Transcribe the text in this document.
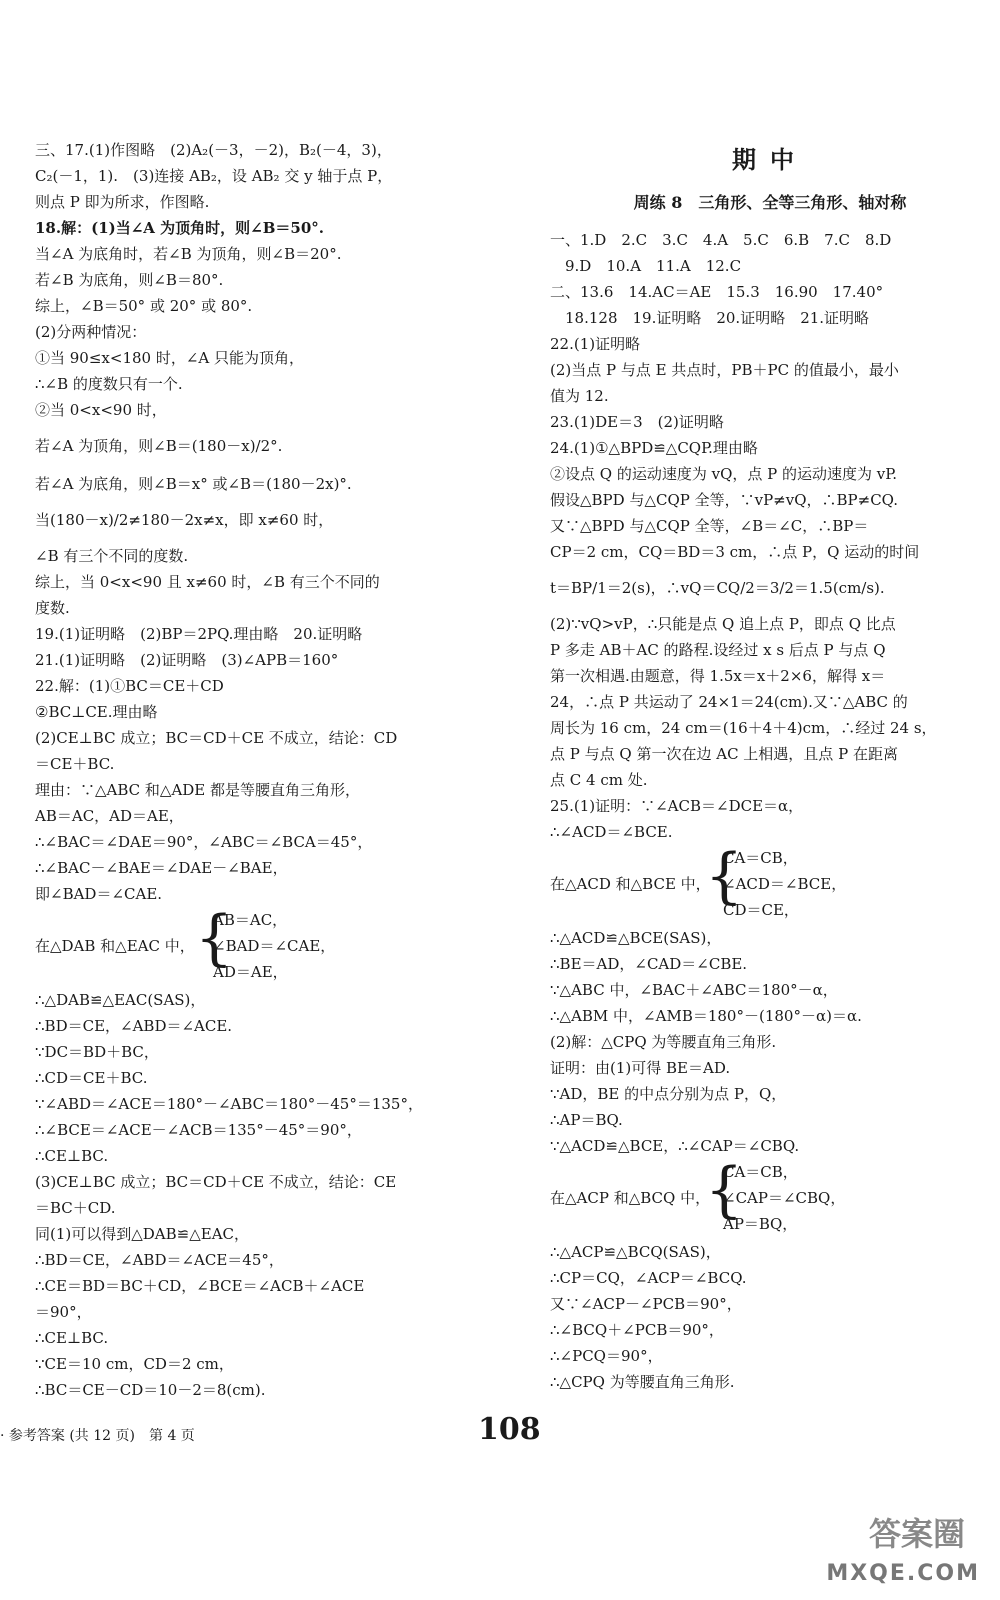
三、17.(1)作图略　(2)A₂(－3，－2)，B₂(－4，3)，
C₂(－1，1).　(3)连接 AB₂，设 AB₂ 交 y 轴于点 P，
则点 P 即为所求，作图略.
18.解：(1)当∠A 为顶角时，则∠B＝50°.
当∠A 为底角时，若∠B 为顶角，则∠B＝20°.
若∠B 为底角，则∠B＝80°.
综上，∠B＝50° 或 20° 或 80°.
(2)分两种情况：
①当 90≤x<180 时，∠A 只能为顶角，
∴∠B 的度数只有一个.
②当 0<x<90 时，
若∠A 为顶角，则∠B＝(180－x)/2°.
若∠A 为底角，则∠B＝x° 或∠B＝(180－2x)°.
当(180－x)/2≠180－2x≠x，即 x≠60 时，
∠B 有三个不同的度数.
综上，当 0<x<90 且 x≠60 时，∠B 有三个不同的
度数.
19.(1)证明略　(2)BP＝2PQ.理由略　20.证明略
21.(1)证明略　(2)证明略　(3)∠APB＝160°
22.解：(1)①BC＝CE＋CD
②BC⊥CE.理由略
(2)CE⊥BC 成立；BC＝CD＋CE 不成立，结论：CD
＝CE＋BC.
理由：∵△ABC 和△ADE 都是等腰直角三角形，
AB＝AC，AD＝AE，
∴∠BAC＝∠DAE＝90°，∠ABC＝∠BCA＝45°，
∴∠BAC－∠BAE＝∠DAE－∠BAE，
即∠BAD＝∠CAE.
在△DAB 和△EAC 中，
∴△DAB≌△EAC(SAS)，
∴BD＝CE，∠ABD＝∠ACE.
∵DC＝BD＋BC，
∴CD＝CE＋BC.
∵∠ABD＝∠ACE＝180°－∠ABC＝180°－45°＝135°，
∴∠BCE＝∠ACE－∠ACB＝135°－45°＝90°，
∴CE⊥BC.
(3)CE⊥BC 成立；BC＝CD＋CE 不成立，结论：CE
＝BC＋CD.
同(1)可以得到△DAB≌△EAC，
∴BD＝CE，∠ABD＝∠ACE＝45°，
∴CE＝BD＝BC＋CD，∠BCE＝∠ACB＋∠ACE
＝90°，
∴CE⊥BC.
∵CE＝10 cm，CD＝2 cm，
∴BC＝CE－CD＝10－2＝8(cm).
{
AB＝AC，
∠BAD＝∠CAE，
AD＝AE，
期中
周练 8　三角形、全等三角形、轴对称
一、1.D　2.C　3.C　4.A　5.C　6.B　7.C　8.D
　9.D　10.A　11.A　12.C
二、13.6　14.AC＝AE　15.3　16.90　17.40°
　18.128　19.证明略　20.证明略　21.证明略
22.(1)证明略
(2)当点 P 与点 E 共点时，PB＋PC 的值最小，最小
值为 12.
23.(1)DE＝3　(2)证明略
24.(1)①△BPD≌△CQP.理由略
②设点 Q 的运动速度为 vQ，点 P 的运动速度为 vP.
假设△BPD 与△CQP 全等，∵vP≠vQ，∴BP≠CQ.
又∵△BPD 与△CQP 全等，∠B＝∠C，∴BP＝
CP＝2 cm，CQ＝BD＝3 cm，∴点 P，Q 运动的时间
t＝BP/1＝2(s)，∴vQ＝CQ/2＝3/2＝1.5(cm/s).
(2)∵vQ>vP，∴只能是点 Q 追上点 P，即点 Q 比点
P 多走 AB＋AC 的路程.设经过 x s 后点 P 与点 Q
第一次相遇.由题意，得 1.5x＝x＋2×6，解得 x＝
24，∴点 P 共运动了 24×1＝24(cm).又∵△ABC 的
周长为 16 cm，24 cm＝(16＋4＋4)cm，∴经过 24 s，
点 P 与点 Q 第一次在边 AC 上相遇，且点 P 在距离
点 C 4 cm 处.
25.(1)证明：∵∠ACB＝∠DCE＝α，
∴∠ACD＝∠BCE.
在△ACD 和△BCE 中，
∴△ACD≌△BCE(SAS)，
∴BE＝AD，∠CAD＝∠CBE.
∵△ABC 中，∠BAC＋∠ABC＝180°－α，
∴△ABM 中，∠AMB＝180°－(180°－α)＝α.
(2)解：△CPQ 为等腰直角三角形.
证明：由(1)可得 BE＝AD.
∵AD，BE 的中点分别为点 P，Q，
∴AP＝BQ.
∵△ACD≌△BCE，∴∠CAP＝∠CBQ.
在△ACP 和△BCQ 中，
∴△ACP≌△BCQ(SAS)，
∴CP＝CQ，∠ACP＝∠BCQ.
又∵∠ACP－∠PCB＝90°，
∴∠BCQ＋∠PCB＝90°，
∴∠PCQ＝90°，
∴△CPQ 为等腰直角三角形.
{
CA＝CB，
∠ACD＝∠BCE，
CD＝CE，
{
CA＝CB，
∠CAP＝∠CBQ，
AP＝BQ，
· 参考答案 (共 12 页)　第 4 页	108
答案圈
MXQE.COM
